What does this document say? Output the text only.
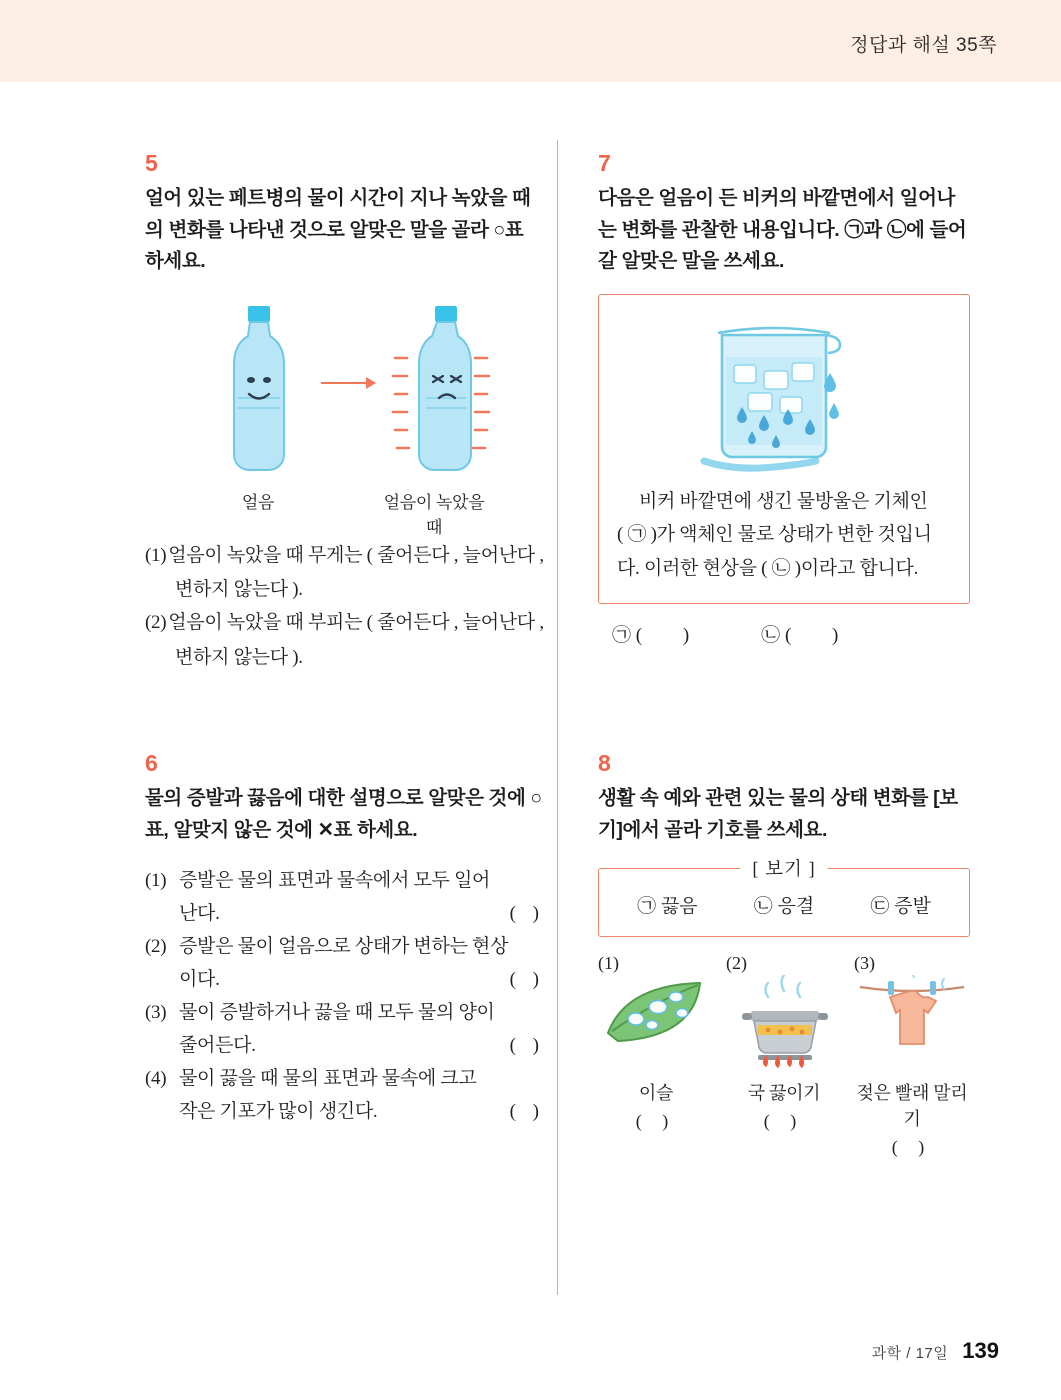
정답과 해설 35쪽
5

얼어 있는 페트병의 물이 시간이 지나 녹았을 때의 변화를 나타낸 것으로 알맞은 말을 골라 ○표 하세요.

얼음	얼음이 녹았을 때
(1) 얼음이 녹았을 때 무게는 ( 줄어든다 , 늘어난다 ,
변하지 않는다 ).
(2) 얼음이 녹았을 때 부피는 ( 줄어든다 , 늘어난다 ,
변하지 않는다 ).
6

물의 증발과 끓음에 대한 설명으로 알맞은 것에 ○표, 알맞지 않은 것에 ✕표 하세요.

(1) 증발은 물의 표면과 물속에서 모두 일어
난다.	( )
(2) 증발은 물이 얼음으로 상태가 변하는 현상
이다.	( )
(3) 물이 증발하거나 끓을 때 모두 물의 양이
줄어든다.	( )
(4) 물이 끓을 때 물의 표면과 물속에 크고
작은 기포가 많이 생긴다.	( )
7

다음은 얼음이 든 비커의 바깥면에서 일어나는 변화를 관찰한 내용입니다. ㉠과 ㉡에 들어갈 알맞은 말을 쓰세요.

비커 바깥면에 생긴 물방울은 기체인
( ㉠ )가 액체인 물로 상태가 변한 것입니
다. 이러한 현상을 ( ㉡ )이라고 합니다.
㉠ ( )	㉡ ( )
8

생활 속 예와 관련 있는 물의 상태 변화를 [보기]에서 골라 기호를 쓰세요.

㉠ 끓음	㉡ 응결	㉢ 증발
[ 보기 ]
(1)
이슬
( )
(2)
국 끓이기
( )
(3)
젖은 빨래 말리기
( )
과학 / 17일 139
